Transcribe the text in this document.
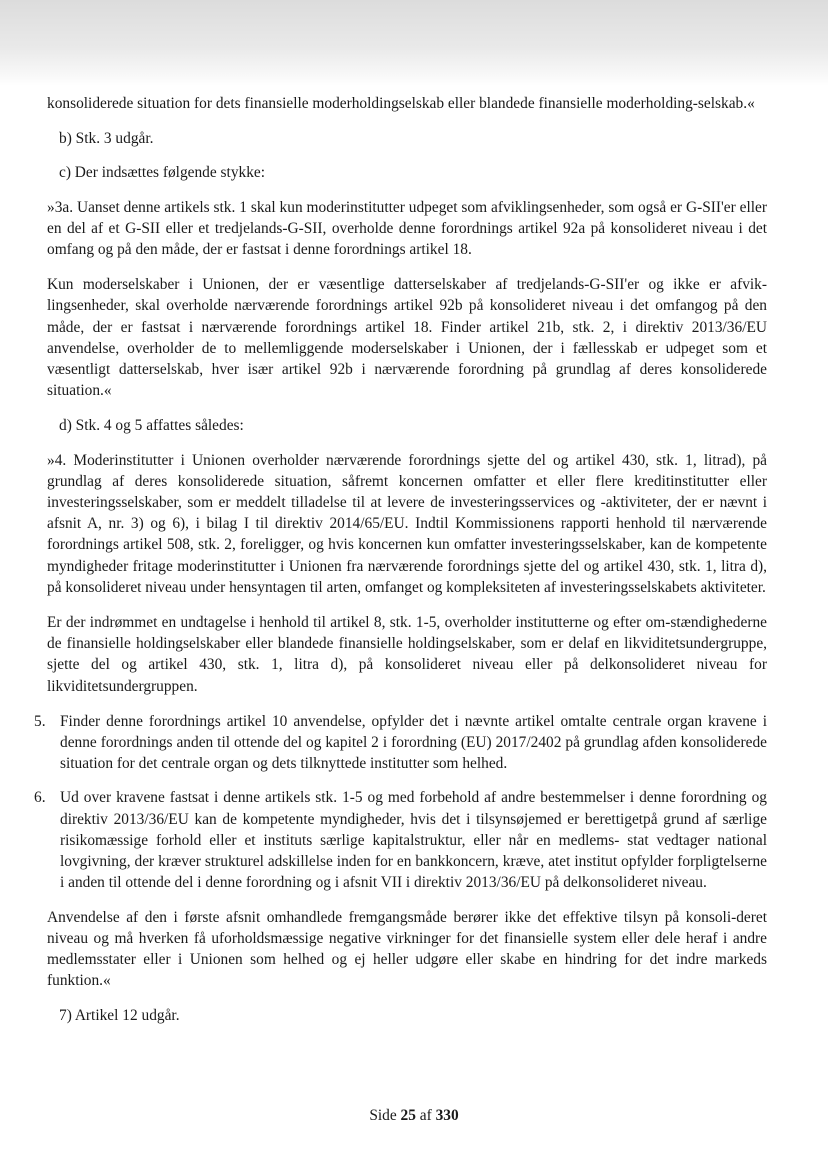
konsoliderede situation for dets finansielle moderholdingselskab eller blandede finansielle moderholding-selskab.«

b) Stk. 3 udgår.

c) Der indsættes følgende stykke:

»3a. Uanset denne artikels stk. 1 skal kun moderinstitutter udpeget som afviklingsenheder, som også er G-SII'er eller en del af et G-SII eller et tredjelands-G-SII, overholde denne forordnings artikel 92a på konsolideret niveau i det omfang og på den måde, der er fastsat i denne forordnings artikel 18.

Kun moderselskaber i Unionen, der er væsentlige datterselskaber af tredjelands-G-SII'er og ikke er afvik-lingsenheder, skal overholde nærværende forordnings artikel 92b på konsolideret niveau i det omfangog på den måde, der er fastsat i nærværende forordnings artikel 18. Finder artikel 21b, stk. 2, i direktiv 2013/36/EU anvendelse, overholder de to mellemliggende moderselskaber i Unionen, der i fællesskab er udpeget som et væsentligt datterselskab, hver især artikel 92b i nærværende forordning på grundlag af deres konsoliderede situation.«

d) Stk. 4 og 5 affattes således:

»4. Moderinstitutter i Unionen overholder nærværende forordnings sjette del og artikel 430, stk. 1, litrad), på grundlag af deres konsoliderede situation, såfremt koncernen omfatter et eller flere kreditinstitutter eller investeringsselskaber, som er meddelt tilladelse til at levere de investeringsservices og -aktiviteter, der er nævnt i afsnit A, nr. 3) og 6), i bilag I til direktiv 2014/65/EU. Indtil Kommissionens rapporti henhold til nærværende forordnings artikel 508, stk. 2, foreligger, og hvis koncernen kun omfatter investeringsselskaber, kan de kompetente myndigheder fritage moderinstitutter i Unionen fra nærværende forordnings sjette del og artikel 430, stk. 1, litra d), på konsolideret niveau under hensyntagen til arten, omfanget og kompleksiteten af investeringsselskabets aktiviteter.

Er der indrømmet en undtagelse i henhold til artikel 8, stk. 1-5, overholder institutterne og efter om-stændighederne de finansielle holdingselskaber eller blandede finansielle holdingselskaber, som er delaf en likviditetsundergruppe, sjette del og artikel 430, stk. 1, litra d), på konsolideret niveau eller på delkonsolideret niveau for likviditetsundergruppen.

5. Finder denne forordnings artikel 10 anvendelse, opfylder det i nævnte artikel omtalte centrale organ kravene i denne forordnings anden til ottende del og kapitel 2 i forordning (EU) 2017/2402 på grundlag afden konsoliderede situation for det centrale organ og dets tilknyttede institutter som helhed.
6. Ud over kravene fastsat i denne artikels stk. 1-5 og med forbehold af andre bestemmelser i denne forordning og direktiv 2013/36/EU kan de kompetente myndigheder, hvis det i tilsynsøjemed er berettigetpå grund af særlige risikomæssige forhold eller et instituts særlige kapitalstruktur, eller når en medlems- stat vedtager national lovgivning, der kræver strukturel adskillelse inden for en bankkoncern, kræve, atet institut opfylder forpligtelserne i anden til ottende del i denne forordning og i afsnit VII i direktiv 2013/36/EU på delkonsolideret niveau.

Anvendelse af den i første afsnit omhandlede fremgangsmåde berører ikke det effektive tilsyn på konsoli-deret niveau og må hverken få uforholdsmæssige negative virkninger for det finansielle system eller dele heraf i andre medlemsstater eller i Unionen som helhed og ej heller udgøre eller skabe en hindring for det indre markeds funktion.«

7) Artikel 12 udgår.

Side 25 af 330
